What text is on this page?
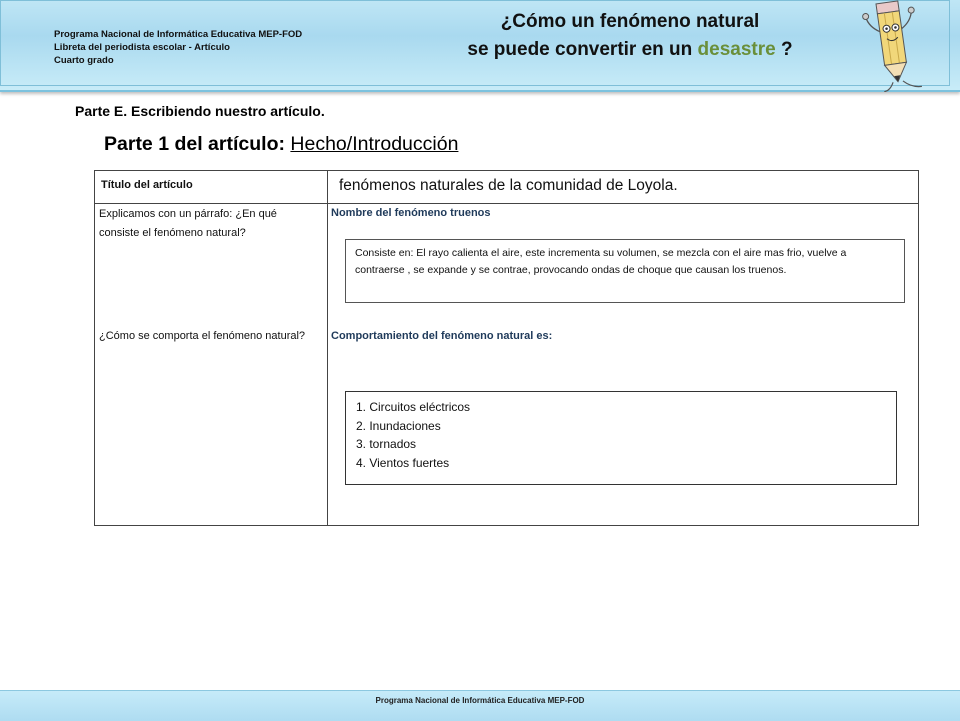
Programa Nacional de Informática Educativa MEP-FOD
Libreta del periodista escolar - Artículo
Cuarto grado
¿Cómo un fenómeno natural
se puede convertir en un desastre ?
Parte E. Escribiendo nuestro artículo.
Parte 1 del artículo: Hecho/Introducción
Título del artículo	fenómenos naturales de la comunidad de Loyola.
Explicamos con un párrafo: ¿En qué consiste el fenómeno natural?
¿Cómo se comporta el fenómeno natural?
Nombre del fenómeno truenos
Consiste en: El rayo calienta el aire, este incrementa su volumen, se mezcla con el aire mas frio, vuelve a contraerse , se expande y se contrae, provocando ondas de choque que causan los truenos.
Comportamiento del fenómeno natural es:
1. Circuitos eléctricos
2. Inundaciones
3. tornados
4. Vientos fuertes
Programa Nacional de Informática Educativa MEP-FOD
